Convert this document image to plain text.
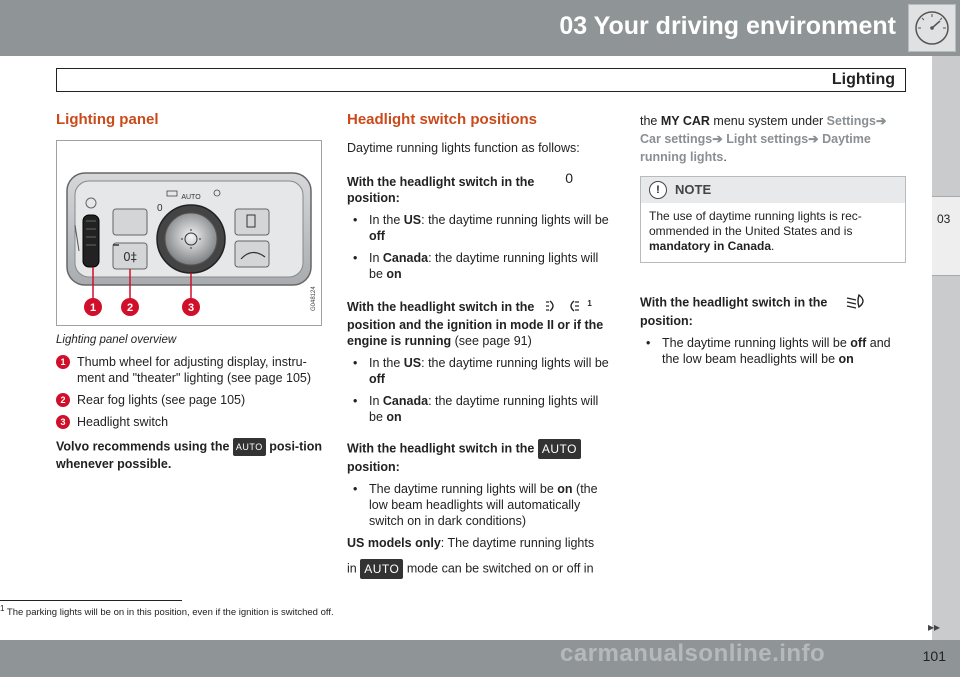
03 Your driving environment
Lighting
03
Lighting panel
0‡
0
AUTO
1	2	3	G048124
Lighting panel overview
1 Thumb wheel for adjusting display, instru-ment and "theater" lighting (see page 105)
2 Rear fog lights (see page 105)
3 Headlight switch

Volvo recommends using the AUTO posi-tion whenever possible.

Headlight switch positions

Daytime running lights function as follows:

With the headlight switch in the position:
0
• In the US: the daytime running lights will be off
• In Canada: the daytime running lights will be on
With the headlight switch in the	$^1$
position and the ignition in mode II or if the engine is running (see page 91)
• In the US: the daytime running lights will be off
• In Canada: the daytime running lights will be on
With the headlight switch in the AUTO
position:
• The daytime running lights will be on (the low beam headlights will automatically switch on in dark conditions)

US models only: The daytime running lights

in AUTO mode can be switched on or off in

the MY CAR menu system under Settings➔
Car settings➔ Light settings➔ Daytime running lights.

!	NOTE
The use of daytime running lights is rec-ommended in the United States and is mandatory in Canada.
With the headlight switch in the
position:
• The daytime running lights will be off and the low beam headlights will be on
$^1$ The parking lights will be on in this position, even if the ignition is switched off.
▸▸
carmanualsonline.info	101
